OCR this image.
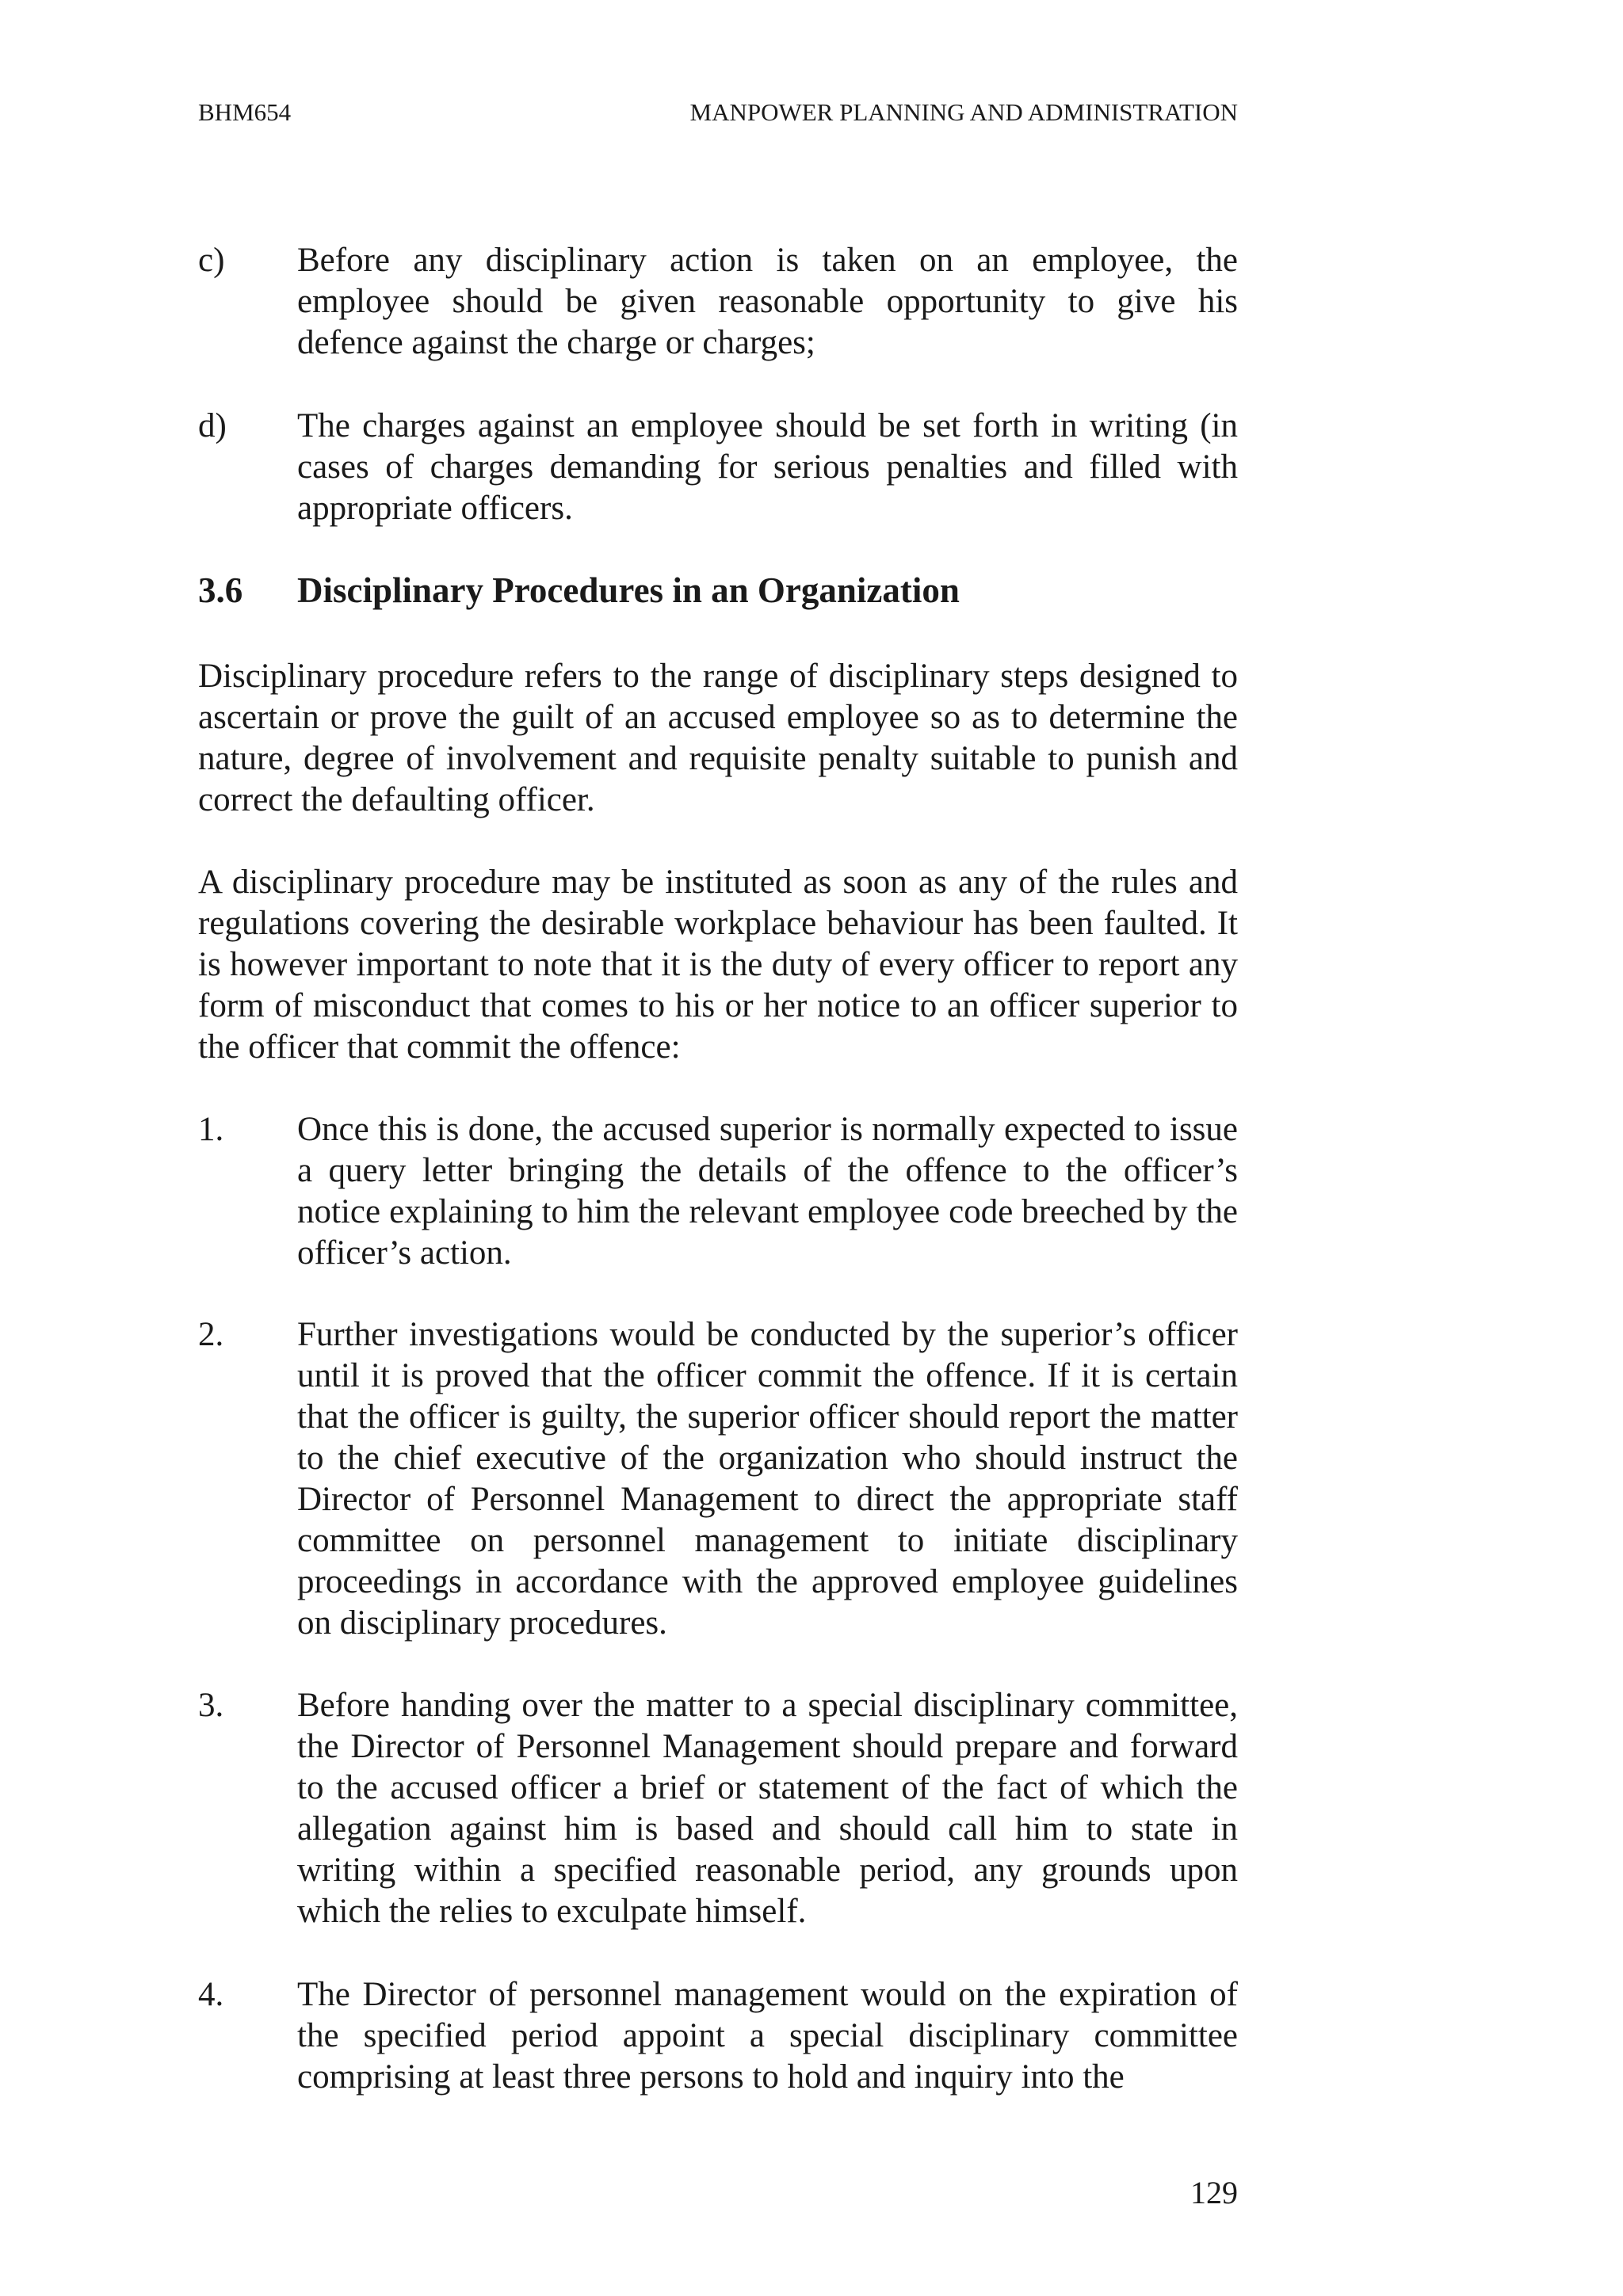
BHM654	MANPOWER PLANNING AND ADMINISTRATION
c) Before any disciplinary action is taken on an employee, the employee should be given reasonable opportunity to give his defence against the charge or charges;
d) The charges against an employee should be set forth in writing (in cases of charges demanding for serious penalties and filled with appropriate officers.
3.6 Disciplinary Procedures in an Organization
Disciplinary procedure refers to the range of disciplinary steps designed to ascertain or prove the guilt of an accused employee so as to determine the nature, degree of involvement and requisite penalty suitable to punish and correct the defaulting officer.
A disciplinary procedure may be instituted as soon as any of the rules and regulations covering the desirable workplace behaviour has been faulted. It is however important to note that it is the duty of every officer to report any form of misconduct that comes to his or her notice to an officer superior to the officer that commit the offence:
1. Once this is done, the accused superior is normally expected to issue a query letter bringing the details of the offence to the officer’s notice explaining to him the relevant employee code breeched by the officer’s action.
2. Further investigations would be conducted by the superior’s officer until it is proved that the officer commit the offence. If it is certain that the officer is guilty, the superior officer should report the matter to the chief executive of the organization who should instruct the Director of Personnel Management to direct the appropriate staff committee on personnel management to initiate disciplinary proceedings in accordance with the approved employee guidelines on disciplinary procedures.
3. Before handing over the matter to a special disciplinary committee, the Director of Personnel Management should prepare and forward to the accused officer a brief or statement of the fact of which the allegation against him is based and should call him to state in writing within a specified reasonable period, any grounds upon which the relies to exculpate himself.
4. The Director of personnel management would on the expiration of the specified period appoint a special disciplinary committee comprising at least three persons to hold and inquiry into the
129
